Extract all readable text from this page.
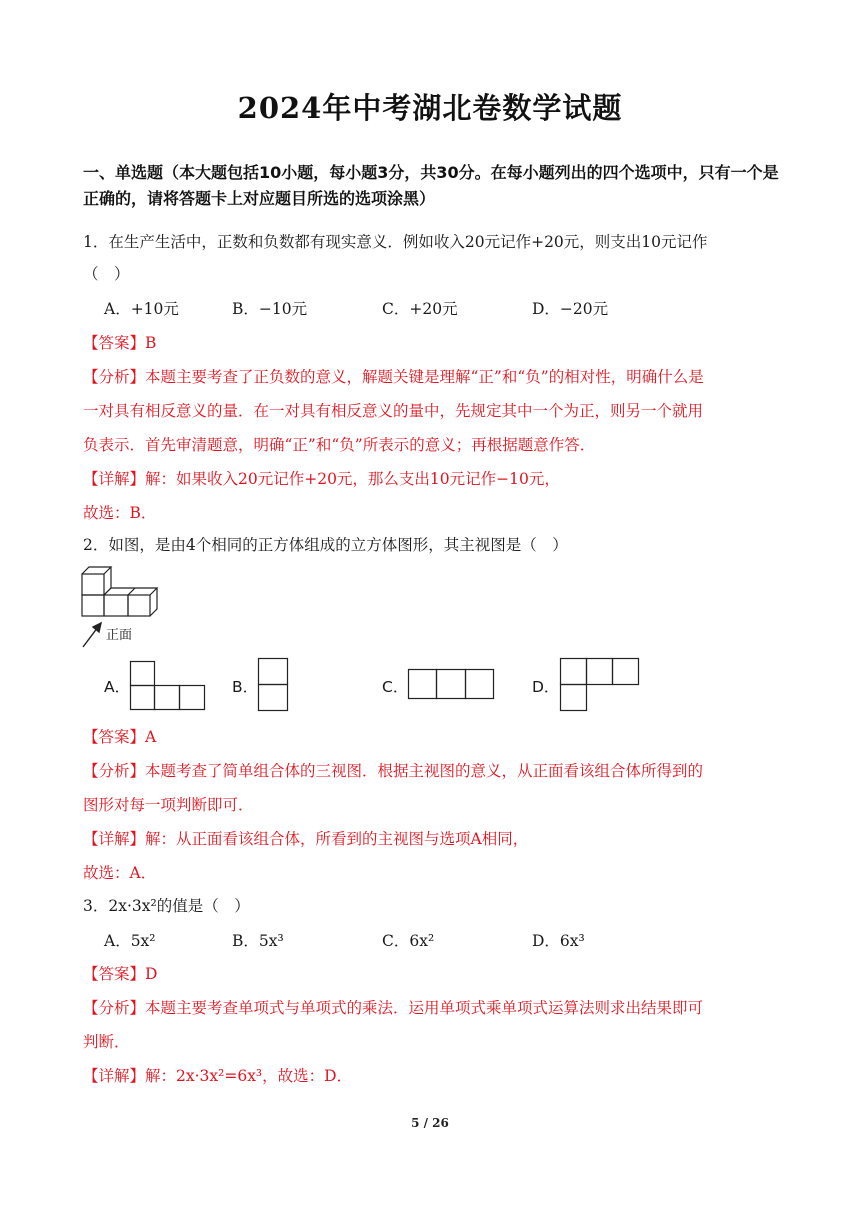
2024年中考湖北卷数学试题
一、单选题（本大题包括10小题，每小题3分，共30分。在每小题列出的四个选项中，只有一个是正确的，请将答题卡上对应题目所选的选项涂黑）
1．在生产生活中，正数和负数都有现实意义．例如收入20元记作+20元，则支出10元记作
（　）
A．+10元	B．−10元	C．+20元	D．−20元
【答案】B
【分析】本题主要考查了正负数的意义，解题关键是理解“正”和“负”的相对性，明确什么是
一对具有相反意义的量．在一对具有相反意义的量中，先规定其中一个为正，则另一个就用
负表示．首先审清题意，明确“正”和“负”所表示的意义；再根据题意作答．
【详解】解：如果收入20元记作+20元，那么支出10元记作−10元，
故选：B．
2．如图，是由4个相同的正方体组成的立方体图形，其主视图是（　）
正面
A．	B．	C．	D．
【答案】A
【分析】本题考查了简单组合体的三视图．根据主视图的意义，从正面看该组合体所得到的
图形对每一项判断即可．
【详解】解：从正面看该组合体，所看到的主视图与选项A相同，
故选：A．
3．2x·3x²的值是（　）
A．5x²	B．5x³	C．6x²	D．6x³
【答案】D
【分析】本题主要考查单项式与单项式的乘法．运用单项式乘单项式运算法则求出结果即可
判断．
【详解】解：2x·3x²=6x³，故选：D．
5 / 26
